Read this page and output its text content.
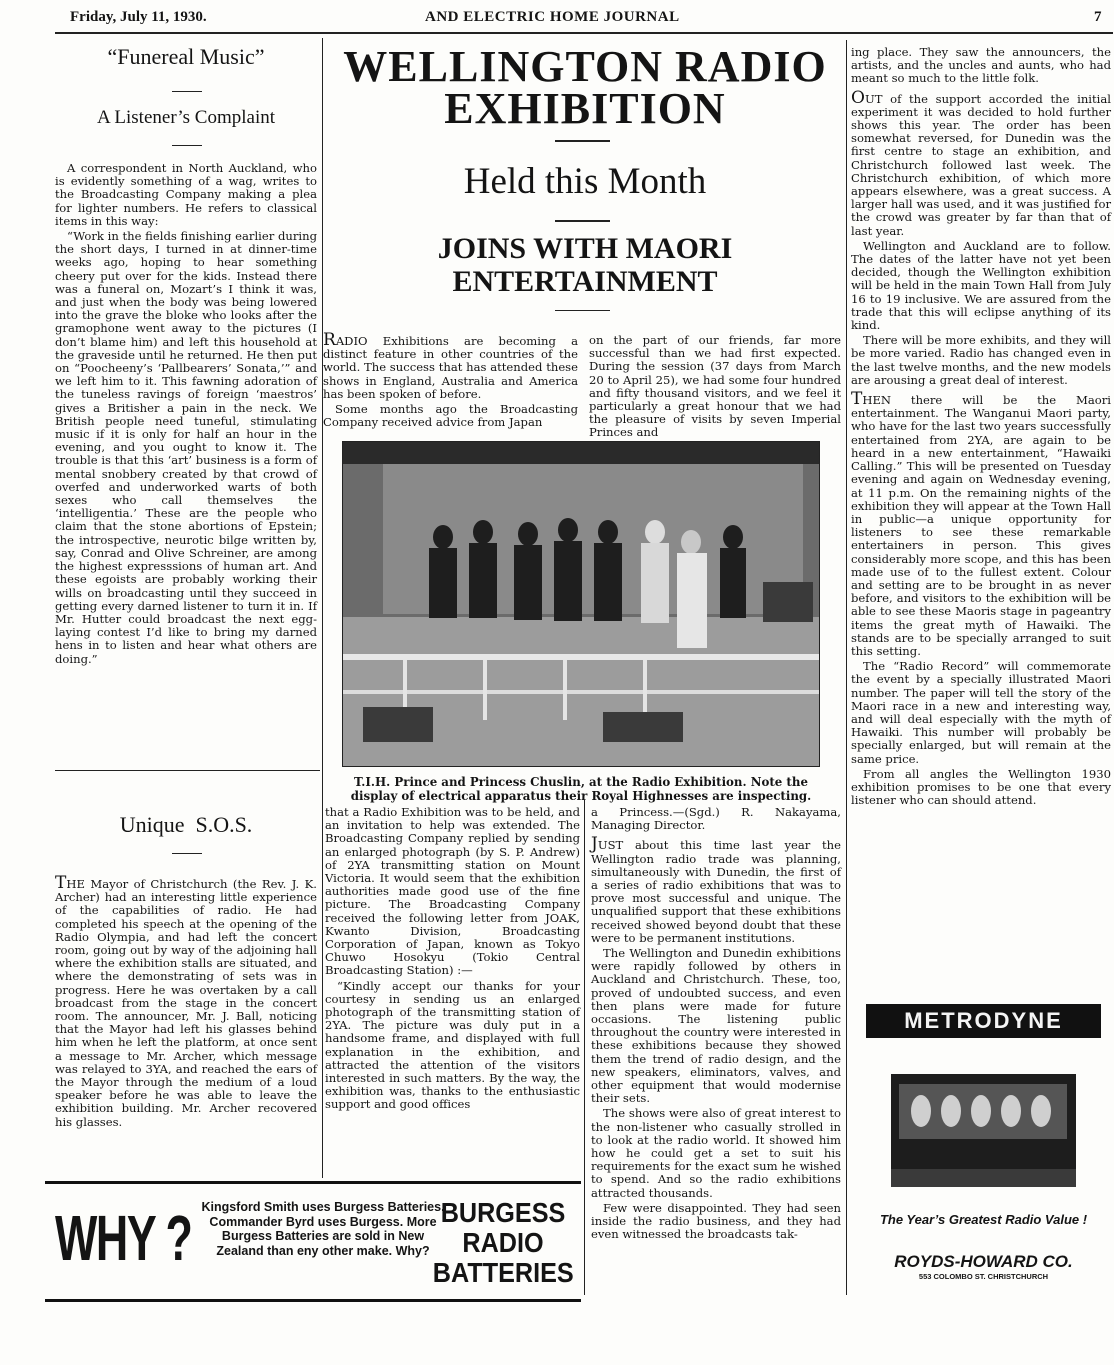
Friday, July 11, 1930.	AND ELECTRIC HOME JOURNAL	7
“Funereal Music”
A Listener’s Complaint

A correspondent in North Auckland, who is evidently something of a wag, writes to the Broadcasting Company making a plea for lighter numbers. He refers to classical items in this way:

“Work in the fields finishing earlier during the short days, I turned in at dinner-time weeks ago, hoping to hear something cheery put over for the kids. Instead there was a funeral on, Mozart’s I think it was, and just when the body was being lowered into the grave the bloke who looks after the gramophone went away to the pictures (I don’t blame him) and left this household at the graveside until he returned. He then put on “Poocheeny’s ‘Pallbearers’ Sonata,’” and we left him to it. This fawning adoration of the tuneless ravings of foreign ‘maestros’ gives a Britisher a pain in the neck. We British people need tuneful, stimulating music if it is only for half an hour in the evening, and you ought to know it. The trouble is that this ‘art’ business is a form of mental snobbery created by that crowd of overfed and underworked warts of both sexes who call themselves the ‘intelligentia.’ These are the people who claim that the stone abortions of Epstein; the introspective, neurotic bilge written by, say, Conrad and Olive Schreiner, are among the highest expresssions of human art. And these egoists are probably working their wills on broadcasting until they succeed in getting every darned listener to turn it in. If Mr. Hutter could broadcast the next egg-laying contest I’d like to bring my darned hens in to listen and hear what others are doing.”

Unique  S.O.S.
THE Mayor of Christchurch (the Rev. J. K. Archer) had an interesting little experience of the capabilities of radio. He had completed his speech at the opening of the Radio Olympia, and had left the concert room, going out by way of the adjoining hall where the exhibition stalls are situated, and where the demonstrating of sets was in progress. Here he was overtaken by a call broadcast from the stage in the concert room. The announcer, Mr. J. Ball, noticing that the Mayor had left his glasses behind him when he left the platform, at once sent a message to Mr. Archer, which message was relayed to 3YA, and reached the ears of the Mayor through the medium of a loud speaker before he was able to leave the exhibition building. Mr. Archer recovered his glasses.
WELLINGTON RADIO EXHIBITION
Held this Month
JOINS WITH MAORI ENTERTAINMENT

RADIO Exhibitions are becoming a distinct feature in other countries of the world. The success that has attended these shows in England, Australia and America has been spoken of before.

Some months ago the Broadcasting Company received advice from Japan

on the part of our friends, far more successful than we had first expected. During the session (37 days from March 20 to April 25), we had some four hundred and fifty thousand visitors, and we feel it particularly a great honour that we had the pleasure of visits by seven Imperial Princes and
T.I.H. Prince and Princess Chuslin, at the Radio Exhibition. Note the display of electrical apparatus their Royal Highnesses are inspecting.

that a Radio Exhibition was to be held, and an invitation to help was extended. The Broadcasting Company replied by sending an enlarged photograph (by S. P. Andrew) of 2YA transmitting station on Mount Victoria. It would seem that the exhibition authorities made good use of the fine picture. The Broadcasting Company received the following letter from JOAK, Kwanto Division, Broadcasting Corporation of Japan, known as Tokyo Chuwo Hosokyu (Tokio Central Broadcasting Station) :—

“Kindly accept our thanks for your courtesy in sending us an enlarged photograph of the transmitting station of 2YA. The picture was duly put in a handsome frame, and displayed with full explanation in the exhibition, and attracted the attention of the visitors interested in such matters. By the way, the exhibition was, thanks to the enthusiastic support and good offices

a Princess.—(Sgd.) R. Nakayama, Managing Director.

JUST about this time last year the Wellington radio trade was planning, simultaneously with Dunedin, the first of a series of radio exhibitions that was to prove most successful and unique. The unqualified support that these exhibitions received showed beyond doubt that these were to be permanent institutions.

The Wellington and Dunedin exhibitions were rapidly followed by others in Auckland and Christchurch. These, too, proved of undoubted success, and even then plans were made for future occasions. The listening public throughout the country were interested in these exhibitions because they showed them the trend of radio design, and the new speakers, eliminators, valves, and other equipment that would modernise their sets.

The shows were also of great interest to the non-listener who casually strolled in to look at the radio world. It showed him how he could get a set to suit his requirements for the exact sum he wished to spend. And so the radio exhibitions attracted thousands.

Few were disappointed. They had seen inside the radio business, and they had even witnessed the broadcasts tak-

ing place. They saw the announcers, the artists, and the uncles and aunts, who had meant so much to the little folk.

OUT of the support accorded the initial experiment it was decided to hold further shows this year. The order has been somewhat reversed, for Dunedin was the first centre to stage an exhibition, and Christchurch followed last week. The Christchurch exhibition, of which more appears elsewhere, was a great success. A larger hall was used, and it was justified for the crowd was greater by far than that of last year.

Wellington and Auckland are to follow. The dates of the latter have not yet been decided, though the Wellington exhibition will be held in the main Town Hall from July 16 to 19 inclusive. We are assured from the trade that this will eclipse anything of its kind.

There will be more exhibits, and they will be more varied. Radio has changed even in the last twelve months, and the new models are arousing a great deal of interest.

THEN there will be the Maori entertainment. The Wanganui Maori party, who have for the last two years successfully entertained from 2YA, are again to be heard in a new entertainment, “Hawaiki Calling.” This will be presented on Tuesday evening and again on Wednesday evening, at 11 p.m. On the remaining nights of the exhibition they will appear at the Town Hall in public—a unique opportunity for listeners to see these remarkable entertainers in person. This gives considerably more scope, and this has been made use of to the fullest extent. Colour and setting are to be brought in as never before, and visitors to the exhibition will be able to see these Maoris stage in pageantry items the great myth of Hawaiki. The stands are to be specially arranged to suit this setting.

The “Radio Record” will commemorate the event by a specially illustrated Maori number. The paper will tell the story of the Maori race in a new and interesting way, and will deal especially with the myth of Hawaiki. This number will probably be specially enlarged, but will remain at the same price.

From all angles the Wellington 1930 exhibition promises to be one that every listener who can should attend.

WHY ? Kingsford Smith uses Burgess Batteries. Commander Byrd uses Burgess. More Burgess Batteries are sold in New Zealand than eny other make. Why?
BURGESS
RADIO
BATTERIES
METRODYNE
The Year’s Greatest Radio Value !
ROYDS-HOWARD CO.
553 COLOMBO ST. CHRISTCHURCH
